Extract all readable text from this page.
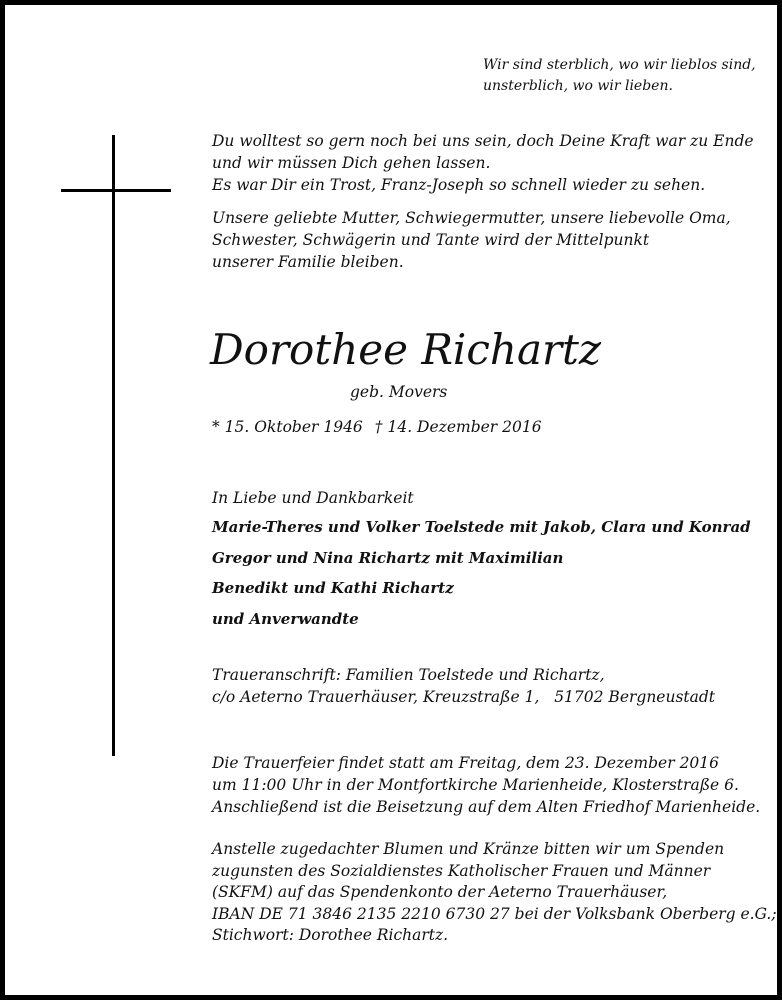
Wir sind sterblich, wo wir lieblos sind,
unsterblich, wo wir lieben.
Du wolltest so gern noch bei uns sein, doch Deine Kraft war zu Ende
und wir müssen Dich gehen lassen.
Es war Dir ein Trost, Franz-Joseph so schnell wieder zu sehen.
Unsere geliebte Mutter, Schwiegermutter, unsere liebevolle Oma,
Schwester, Schwägerin und Tante wird der Mittelpunkt
unserer Familie bleiben.
Dorothee Richartz
geb. Movers
* 15. Oktober 1946 † 14. Dezember 2016
In Liebe und Dankbarkeit
Marie-Theres und Volker Toelstede mit Jakob, Clara und Konrad
Gregor und Nina Richartz mit Maximilian
Benedikt und Kathi Richartz
und Anverwandte
Traueranschrift: Familien Toelstede und Richartz,
c/o Aeterno Trauerhäuser, Kreuzstraße 1,   51702 Bergneustadt
Die Trauerfeier findet statt am Freitag, dem 23. Dezember 2016
um 11:00 Uhr in der Montfortkirche Marienheide, Klosterstraße 6.
Anschließend ist die Beisetzung auf dem Alten Friedhof Marienheide.
Anstelle zugedachter Blumen und Kränze bitten wir um Spenden
zugunsten des Sozialdienstes Katholischer Frauen und Männer
(SKFM) auf das Spendenkonto der Aeterno Trauerhäuser,
IBAN DE 71 3846 2135 2210 6730 27 bei der Volksbank Oberberg e.G.;
Stichwort: Dorothee Richartz.
